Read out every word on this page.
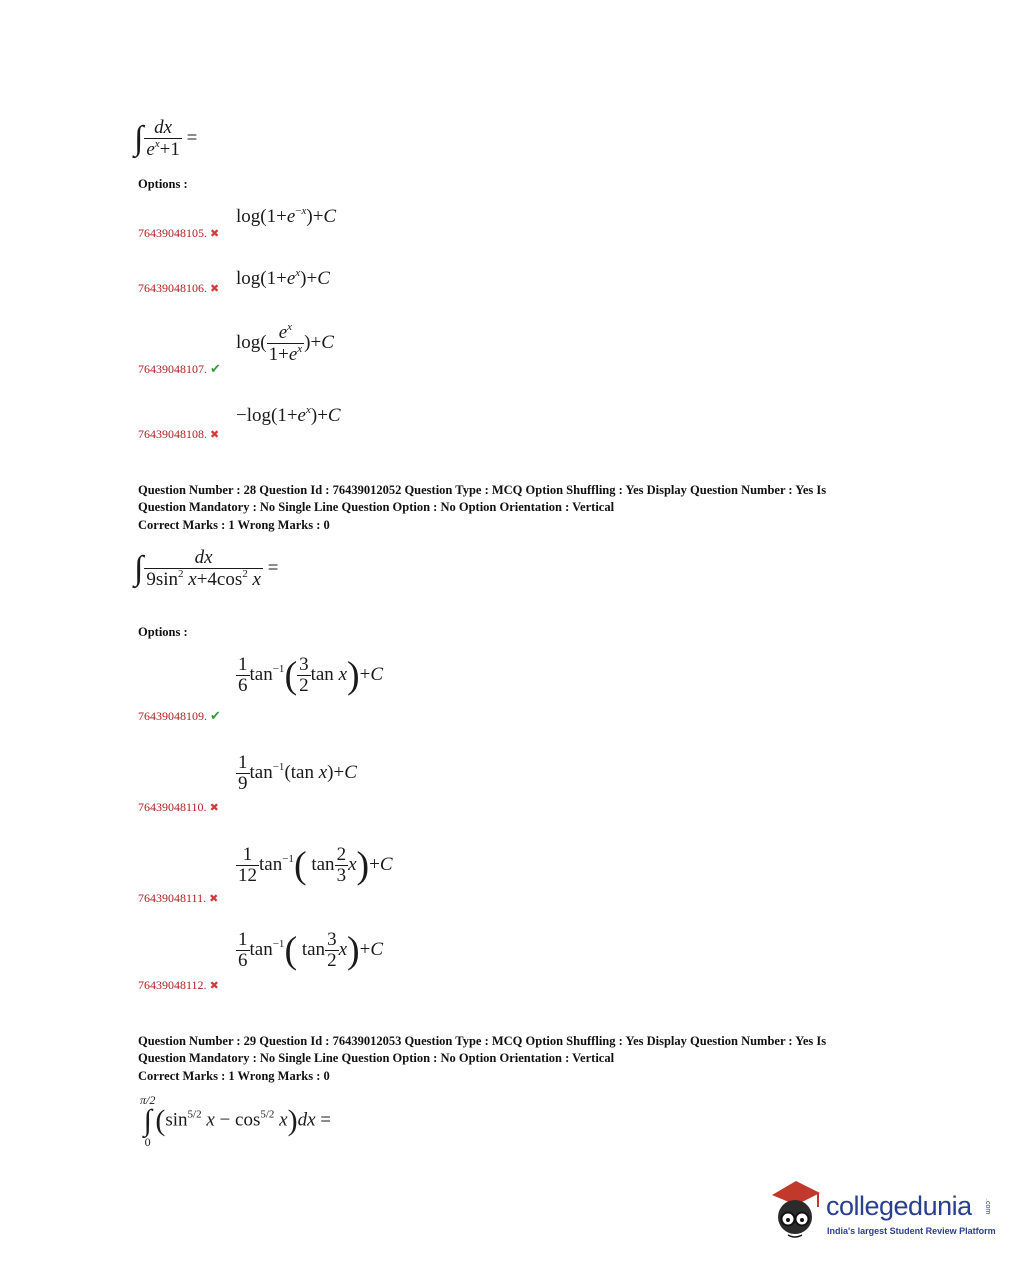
∫ $\frac{dx}{e^x+1}$ =
Options :
$\log(1+e^{-x})+C$
76439048105. ✖
$\log(1+e^x)+C$
76439048106. ✖
$\log( \frac{e^x}{1+e^x} )+C$
76439048107. ✔
$-\log(1+e^x)+C$
76439048108. ✖
Question Number : 28 Question Id : 76439012052 Question Type : MCQ Option Shuffling : Yes Display Question Number : Yes Is
Question Mandatory : No Single Line Question Option : No Option Orientation : Vertical
Correct Marks : 1 Wrong Marks : 0
∫ $\frac{dx}{9\sin^2 x+4\cos^2 x}$ =
Options :
$\frac{1}{6} \tan^{-1}( \frac{3}{2}$ tan x)+C
76439048109. ✔
$\frac{1}{9} \tan^{-1}(\tan$ x)+C
76439048110. ✖
$\frac{1}{12} \tan^{-1}$( $\tan \frac{2}{3} x)+C$
76439048111. ✖
$\frac{1}{6} \tan^{-1}$( $\tan \frac{3}{2} x)+C$
76439048112. ✖
Question Number : 29 Question Id : 76439012053 Question Type : MCQ Option Shuffling : Yes Display Question Number : Yes Is
Question Mandatory : No Single Line Question Option : No Option Orientation : Vertical
Correct Marks : 1 Wrong Marks : 0
π/2
∫
0
($\sin^{5/2}$ $x - \cos^{5/2} x)dx$ =
collegedunia .com
India's largest Student Review Platform
